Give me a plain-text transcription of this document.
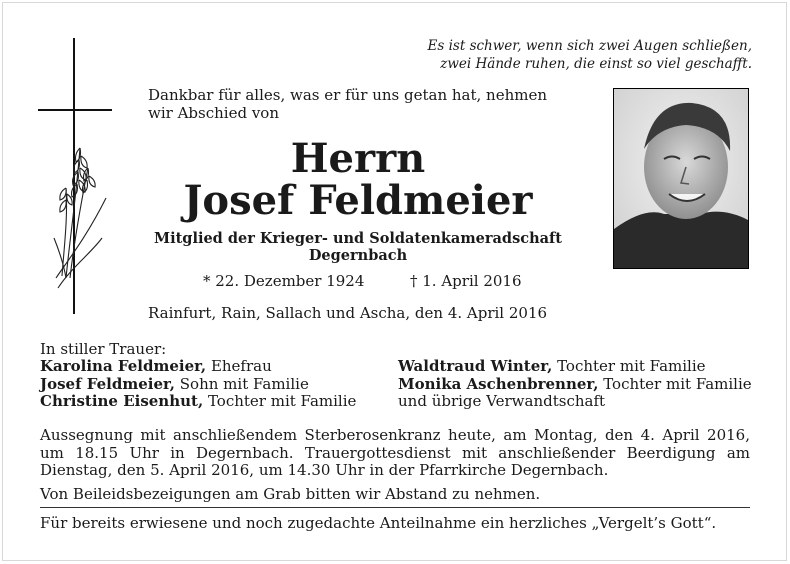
Es ist schwer, wenn sich zwei Augen schließen,
zwei Hände ruhen, die einst so viel geschafft.
Dankbar für alles, was er für uns getan hat, nehmen
wir Abschied von
Herrn
Josef Feldmeier
Mitglied der Krieger- und Soldatenkameradschaft
Degernbach
* 22. Dezember 1924	† 1. April 2016
Rainfurt, Rain, Sallach und Ascha, den 4. April 2016
In stiller Trauer:
Karolina Feldmeier, Ehefrau
Josef Feldmeier, Sohn mit Familie
Christine Eisenhut, Tochter mit Familie
Waldtraud Winter, Tochter mit Familie
Monika Aschenbrenner, Tochter mit Familie
und übrige Verwandtschaft
Aussegnung mit anschließendem Sterberosenkranz heute, am Montag, den 4. April 2016,
um 18.15 Uhr in Degernbach. Trauergottesdienst mit anschließender Beerdigung am
Dienstag, den 5. April 2016, um 14.30 Uhr in der Pfarrkirche Degernbach.
Von Beileidsbezeigungen am Grab bitten wir Abstand zu nehmen.
Für bereits erwiesene und noch zugedachte Anteilnahme ein herzliches „Vergelt’s Gott“.
